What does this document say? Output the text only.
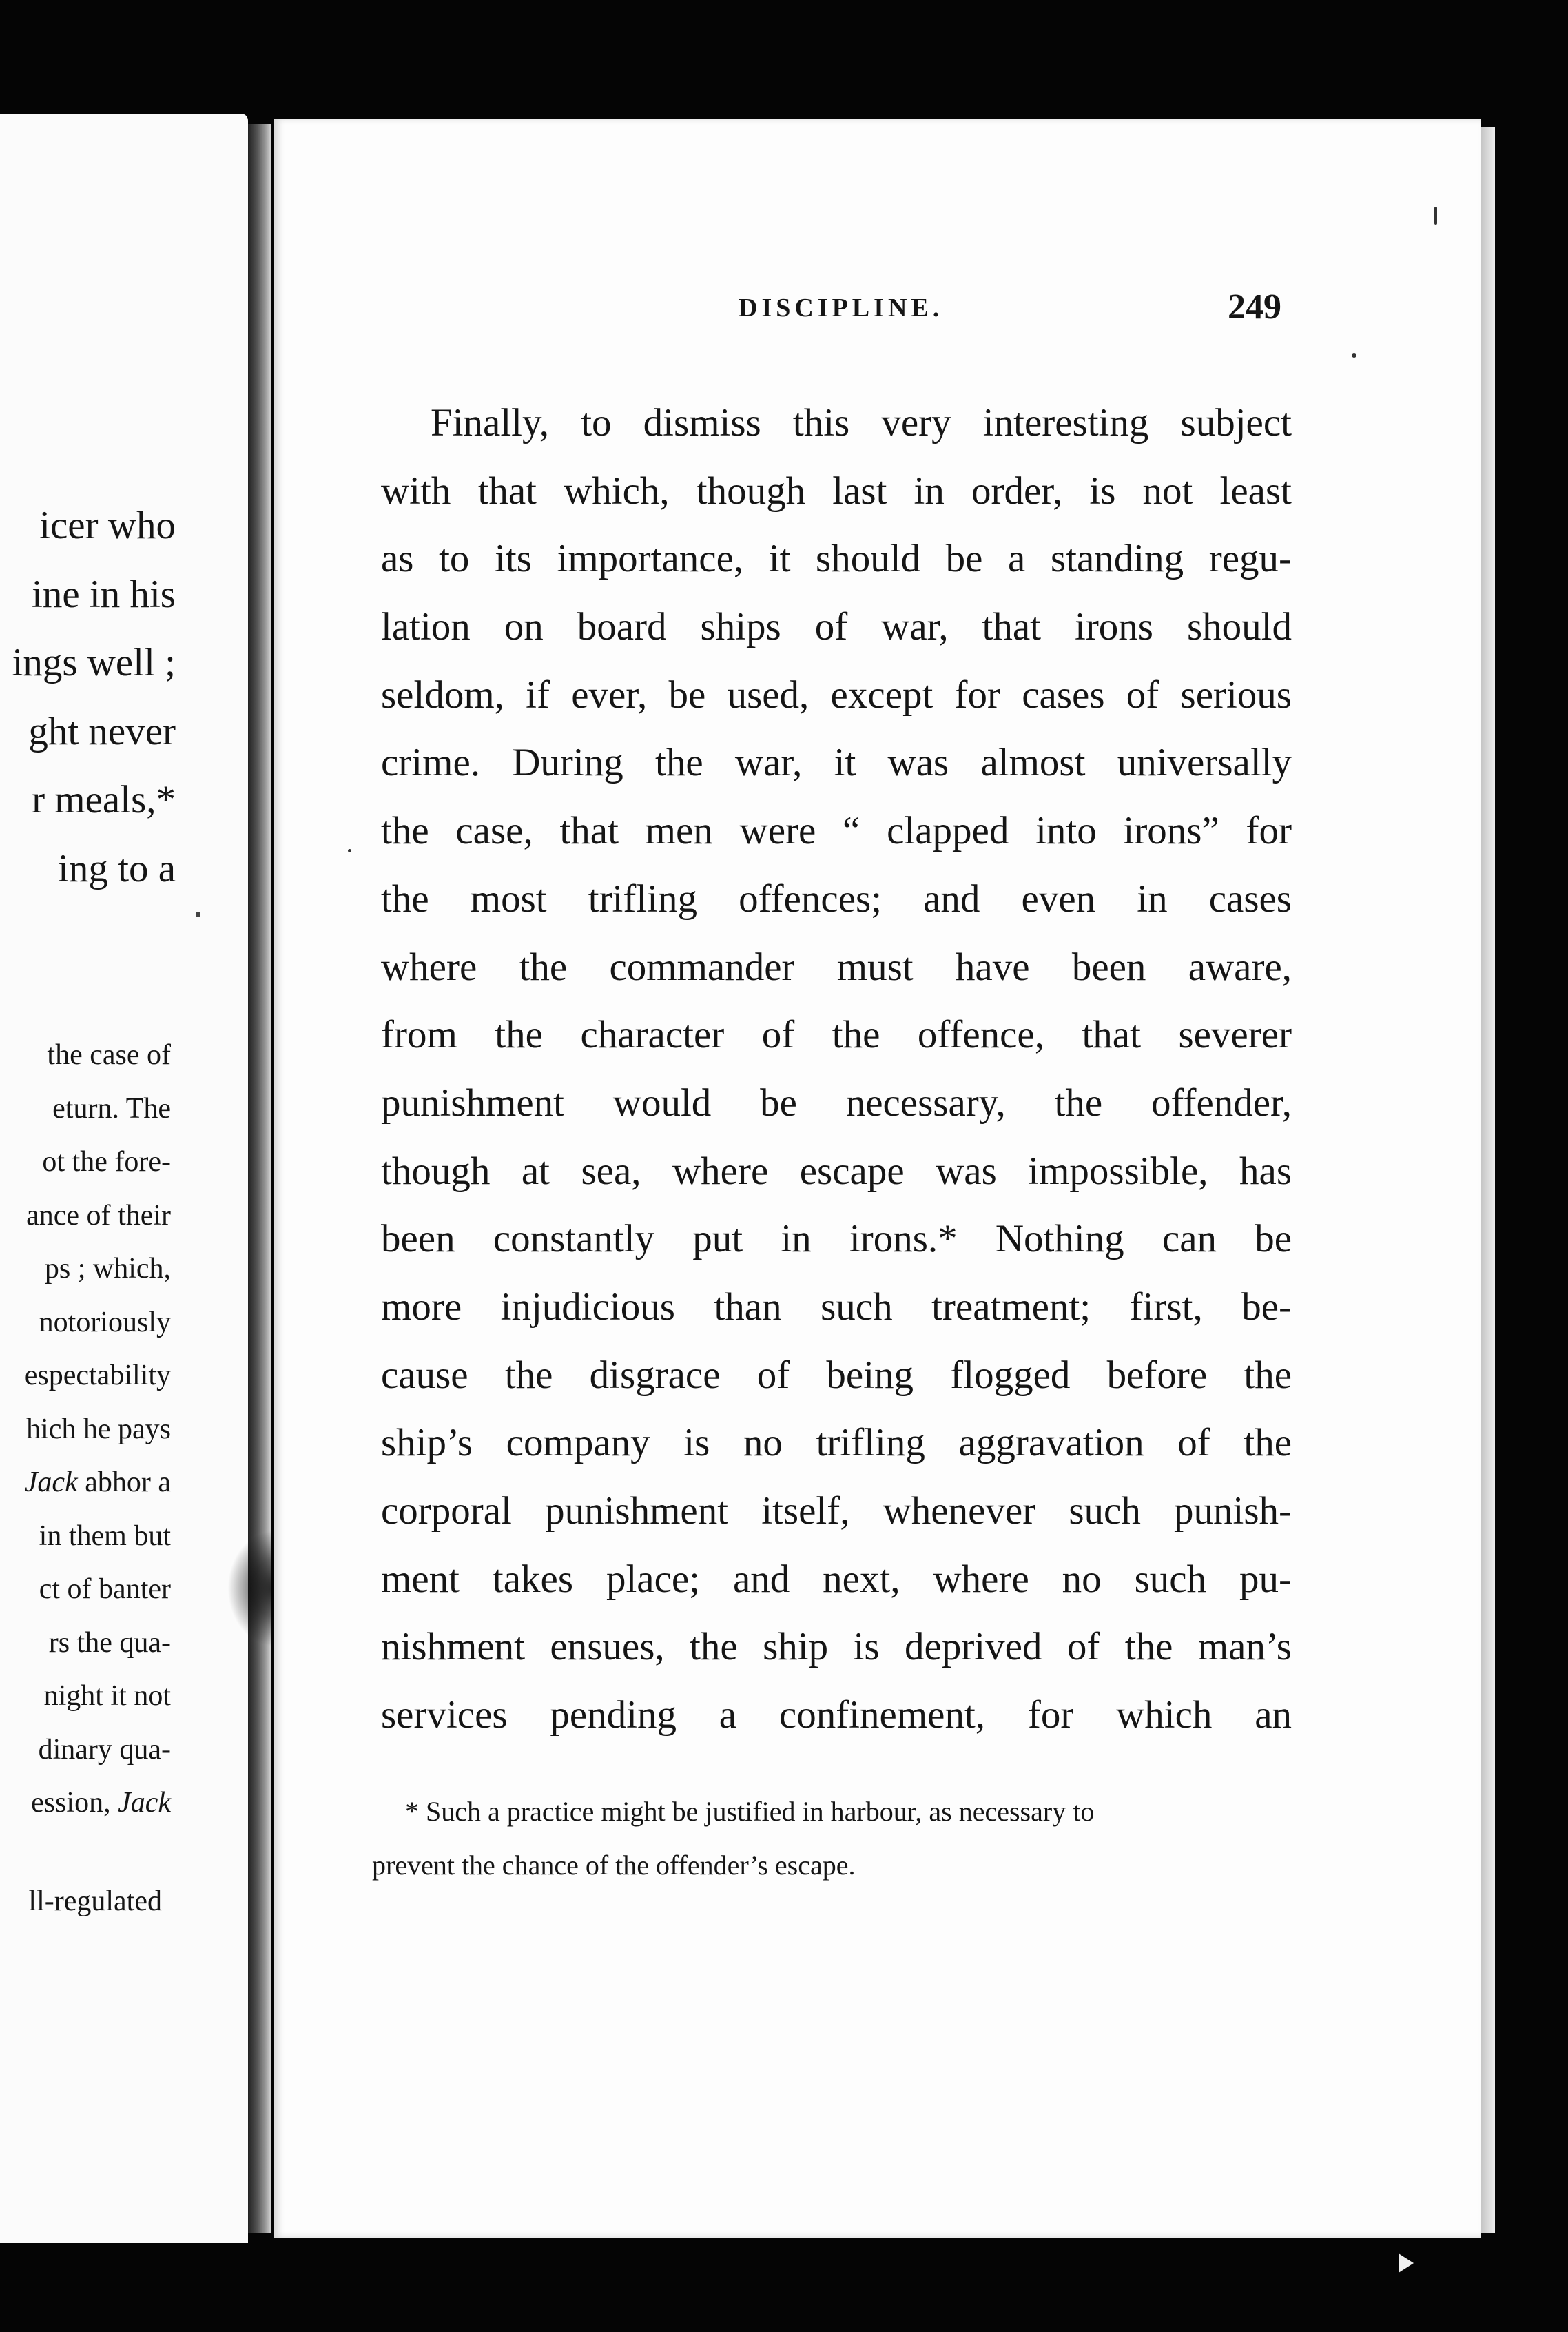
icer who
ine in his
ings well ;
ght never
r meals,*
ing to a
the case of
eturn. The
ot the fore-
ance of their
ps ; which,
notoriously
espectability
hich he pays
Jack abhor a
in them but
ct of banter
rs the qua-
night it not
dinary qua-
ession, Jack
ll-regulated
DISCIPLINE.	249
Finally, to dismiss this very interesting subject
with that which, though last in order, is not least
as to its importance, it should be a standing regu-
lation on board ships of war, that irons should
seldom, if ever, be used, except for cases of serious
crime. During the war, it was almost universally
the case, that men were “ clapped into irons” for
the most trifling offences; and even in cases
where the commander must have been aware,
from the character of the offence, that severer
punishment would be necessary, the offender,
though at sea, where escape was impossible, has
been constantly put in irons.* Nothing can be
more injudicious than such treatment; first, be-
cause the disgrace of being flogged before the
ship’s company is no trifling aggravation of the
corporal punishment itself, whenever such punish-
ment takes place; and next, where no such pu-
nishment ensues, the ship is deprived of the man’s
services pending a confinement, for which an
* Such a practice might be justified in harbour, as necessary to
prevent the chance of the offender’s escape.
